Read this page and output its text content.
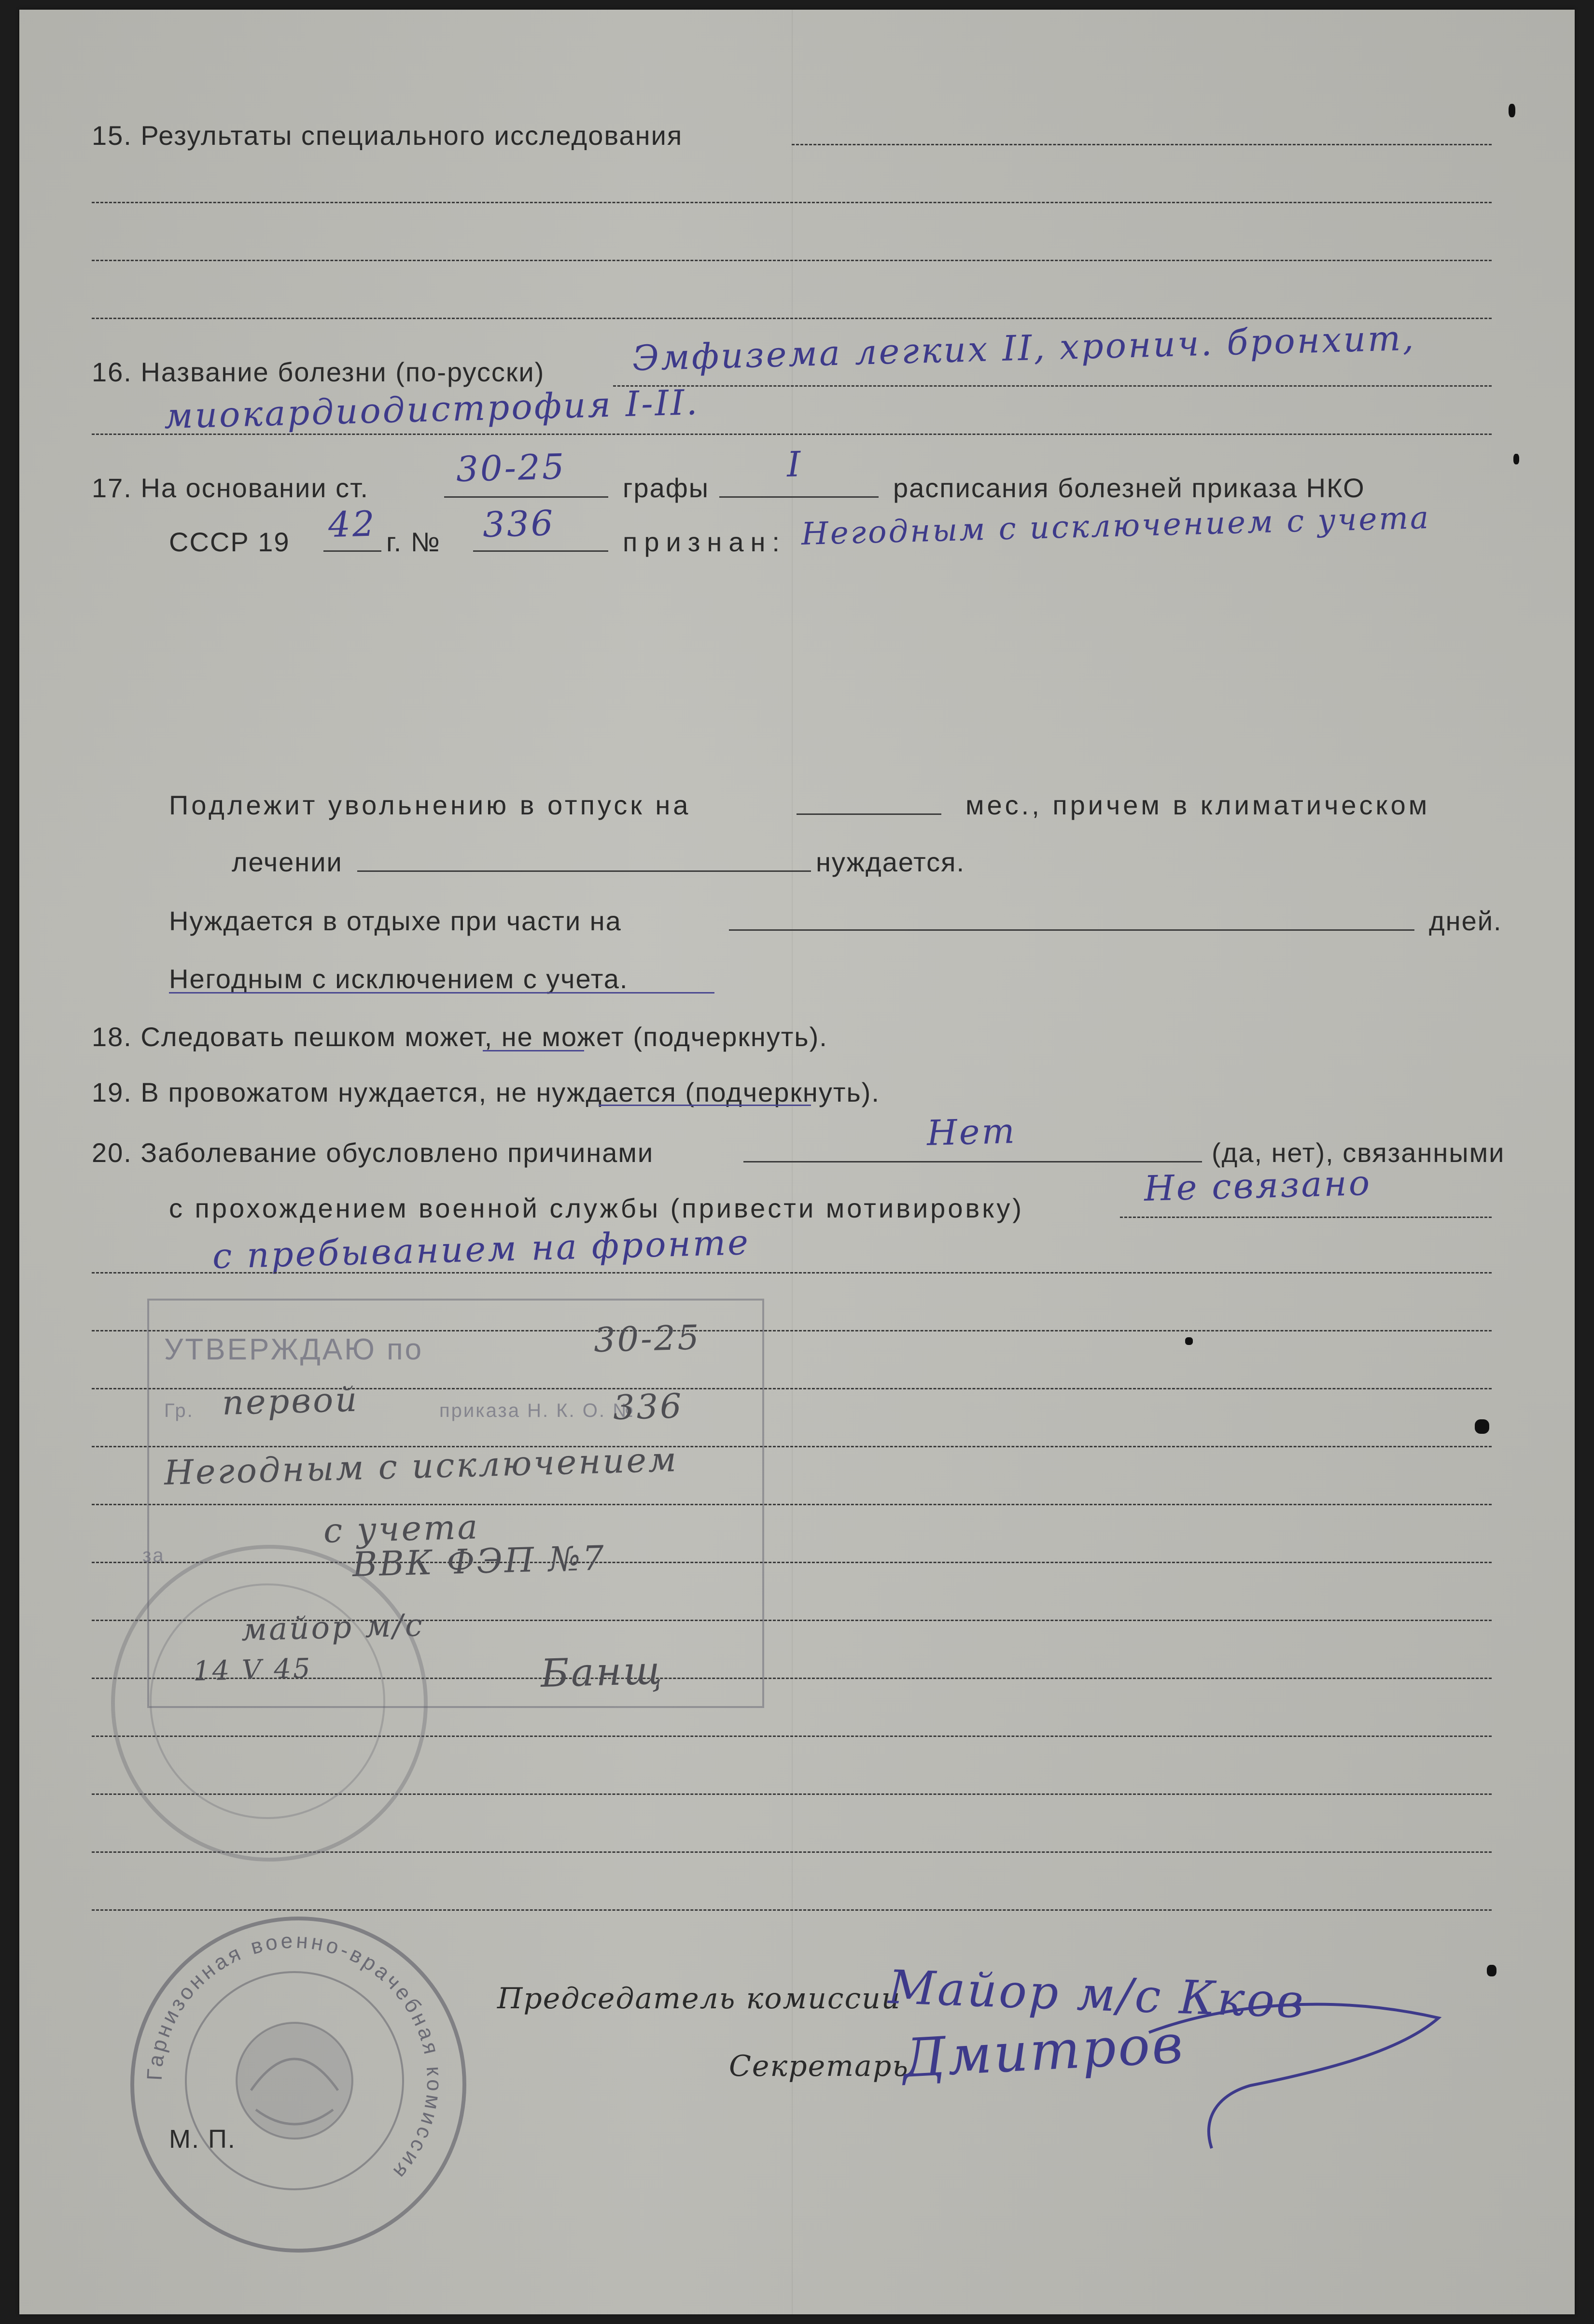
15. Результаты специального исследования
16. Название болезни (по-русски)	Эмфизема легких II, хронич. бронхит,
миокардиодистрофия I-II.
17. На основании ст. 30-25 графы
I
расписания болезней приказа НКО
СССР 19 42 г. № 336 признан: Негодным с исключением с учета
Подлежит увольнению в отпуск на	мес., причем в климатическом
лечении	нуждается.
Нуждается в отдыхе при части на	дней.
Негодным с исключением с учета.
18. Следовать пешком может, не может (подчеркнуть).
19. В провожатом нуждается, не нуждается (подчеркнуть).
20. Заболевание обусловлено причинами	Нет	(да, нет), связанными
с прохождением военной службы (привести мотивировку)	Не связано
с пребыванием на фронте
УТВЕРЖДАЮ по	30-25
Гр. первой	приказа Н. К. О. №
336
Негодным с исключением
с учета
за	ВВК ФЭП №7
майор м/с
14 V 45	Банщ
Гарнизонная военно-врачебная комиссия
М. П.
Председатель комиссии
Майор м/с Кков
Секретарь
Дмитров
